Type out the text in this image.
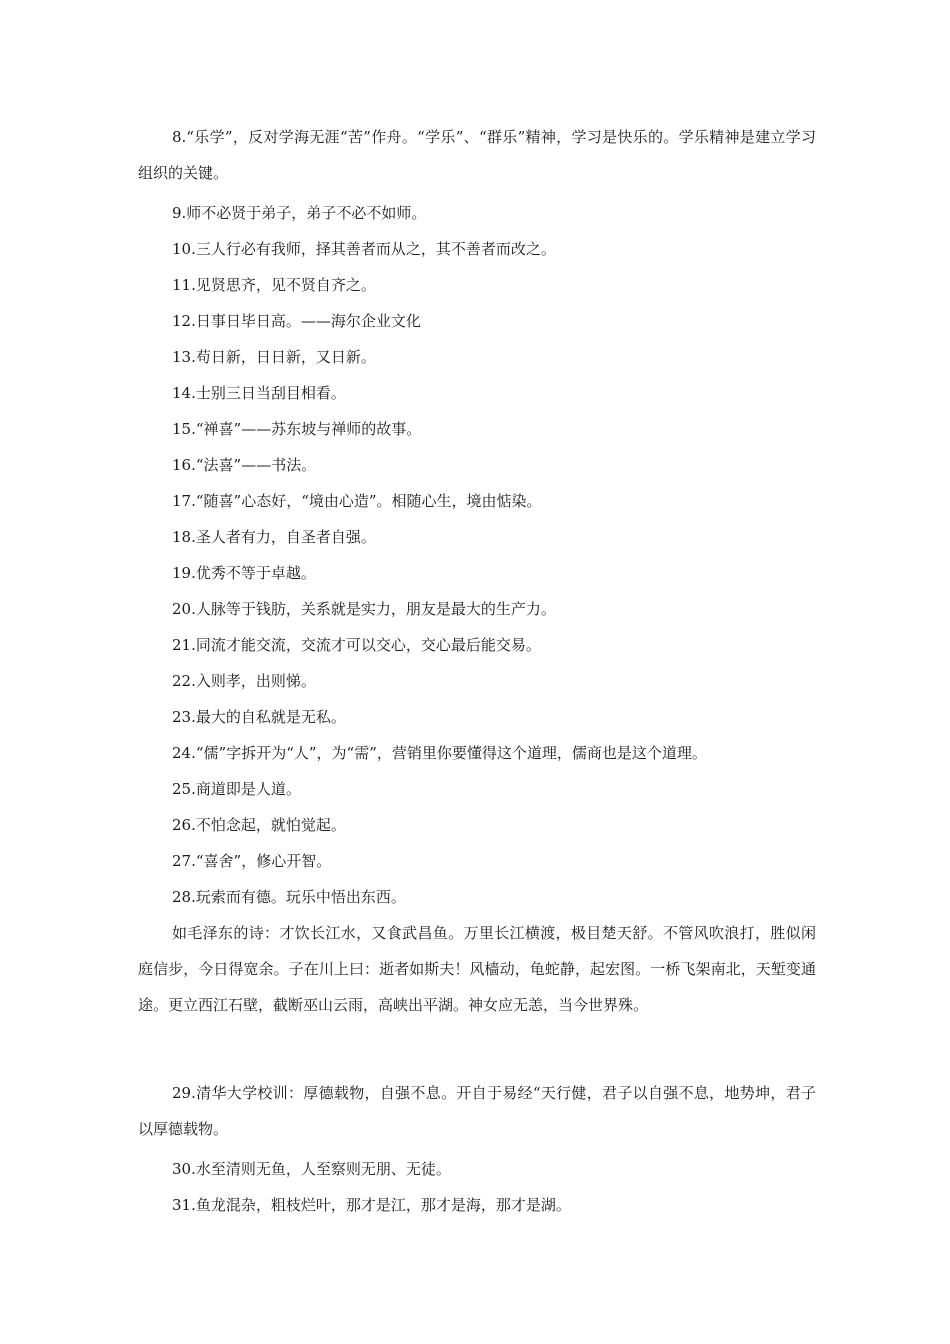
8.“乐学”，反对学海无涯“苦”作舟。“学乐”、“群乐”精神，学习是快乐的。学乐精神是建立学习组织的关键。

9.师不必贤于弟子，弟子不必不如师。

10.三人行必有我师，择其善者而从之，其不善者而改之。

11.见贤思齐，见不贤自齐之。

12.日事日毕日高。——海尔企业文化

13.苟日新，日日新，又日新。

14.士别三日当刮目相看。

15.“禅喜”——苏东坡与禅师的故事。

16.“法喜”——书法。

17.“随喜”心态好，“境由心造”。相随心生，境由惦染。

18.圣人者有力，自圣者自强。

19.优秀不等于卓越。

20.人脉等于钱肪，关系就是实力，朋友是最大的生产力。

21.同流才能交流，交流才可以交心，交心最后能交易。

22.入则孝，出则悌。

23.最大的自私就是无私。

24.“儒”字拆开为“人”，为“需”，营销里你要懂得这个道理，儒商也是这个道理。

25.商道即是人道。

26.不怕念起，就怕觉起。

27.“喜舍”，修心开智。

28.玩索而有德。玩乐中悟出东西。

如毛泽东的诗：才饮长江水，又食武昌鱼。万里长江横渡，极目楚天舒。不管风吹浪打，胜似闲庭信步，今日得宽余。子在川上曰：逝者如斯夫！风樯动，龟蛇静，起宏图。一桥飞架南北，天堑变通途。更立西江石壁，截断巫山云雨，高峡出平湖。神女应无恙，当今世界殊。

29.清华大学校训：厚德载物，自强不息。开自于易经“天行健，君子以自强不息，地势坤，君子以厚德载物。

30.水至清则无鱼，人至察则无朋、无徒。

31.鱼龙混杂，粗枝烂叶，那才是江，那才是海，那才是湖。
